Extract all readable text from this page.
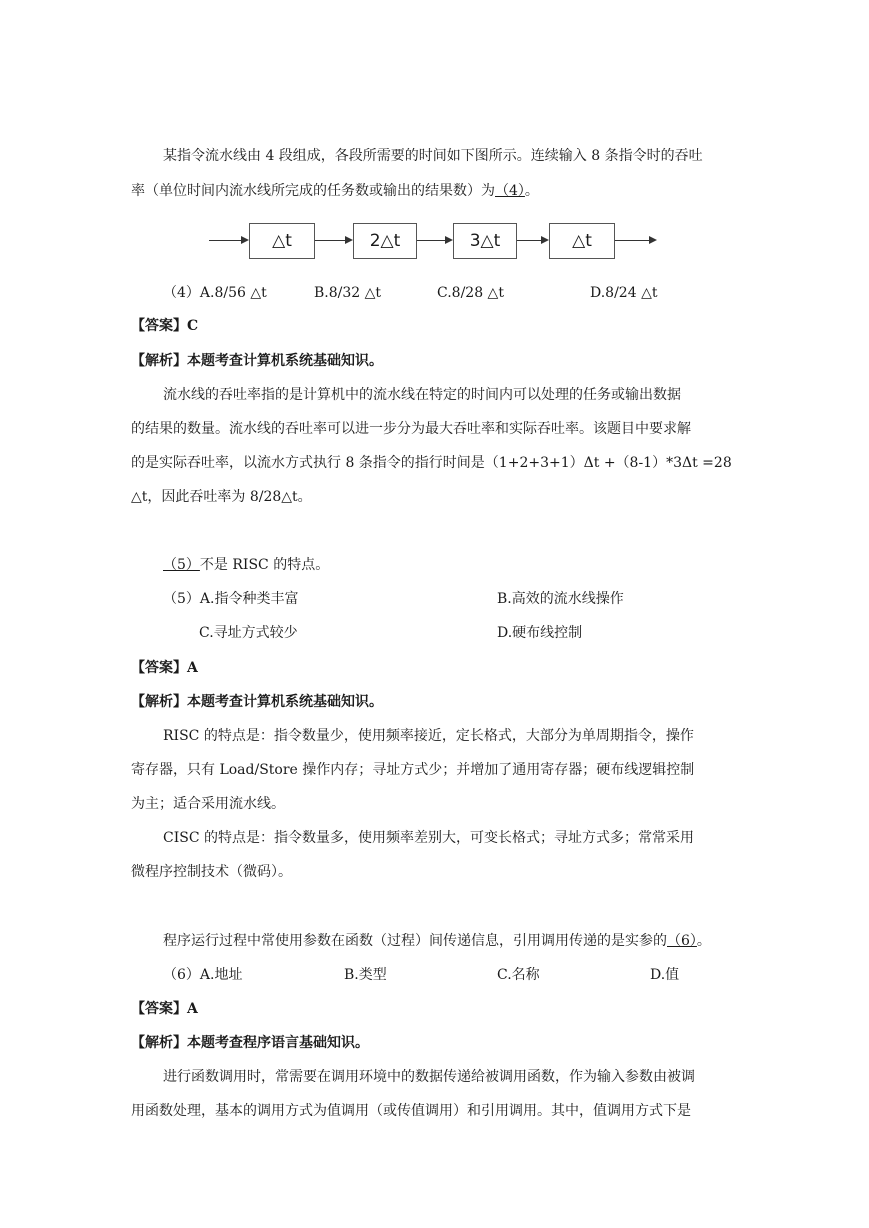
某指令流水线由 4 段组成，各段所需要的时间如下图所示。连续输入 8 条指令时的吞吐
率（单位时间内流水线所完成的任务数或输出的结果数）为（4）。
△t	2△t	3△t	△t
（4）A.8/56 △t	B.8/32 △t	C.8/28 △t	D.8/24 △t
【答案】C
【解析】本题考查计算机系统基础知识。
流水线的吞吐率指的是计算机中的流水线在特定的时间内可以处理的任务或输出数据
的结果的数量。流水线的吞吐率可以进一步分为最大吞吐率和实际吞吐率。该题目中要求解
的是实际吞吐率，以流水方式执行 8 条指令的指行时间是（1+2+3+1）Δt +（8-1）*3Δt =28
△t，因此吞吐率为 8/28△t。
（5）不是 RISC 的特点。
（5）A.指令种类丰富	B.高效的流水线操作
C.寻址方式较少	D.硬布线控制
【答案】A
【解析】本题考查计算机系统基础知识。
RISC 的特点是：指令数量少，使用频率接近，定长格式，大部分为单周期指令，操作
寄存器，只有 Load/Store 操作内存；寻址方式少；并增加了通用寄存器；硬布线逻辑控制
为主；适合采用流水线。
CISC 的特点是：指令数量多，使用频率差别大，可变长格式；寻址方式多；常常采用
微程序控制技术（微码）。
程序运行过程中常使用参数在函数（过程）间传递信息，引用调用传递的是实参的（6）。
（6）A.地址	B.类型	C.名称	D.值
【答案】A
【解析】本题考查程序语言基础知识。
进行函数调用时，常需要在调用环境中的数据传递给被调用函数，作为输入参数由被调
用函数处理，基本的调用方式为值调用（或传值调用）和引用调用。其中，值调用方式下是
